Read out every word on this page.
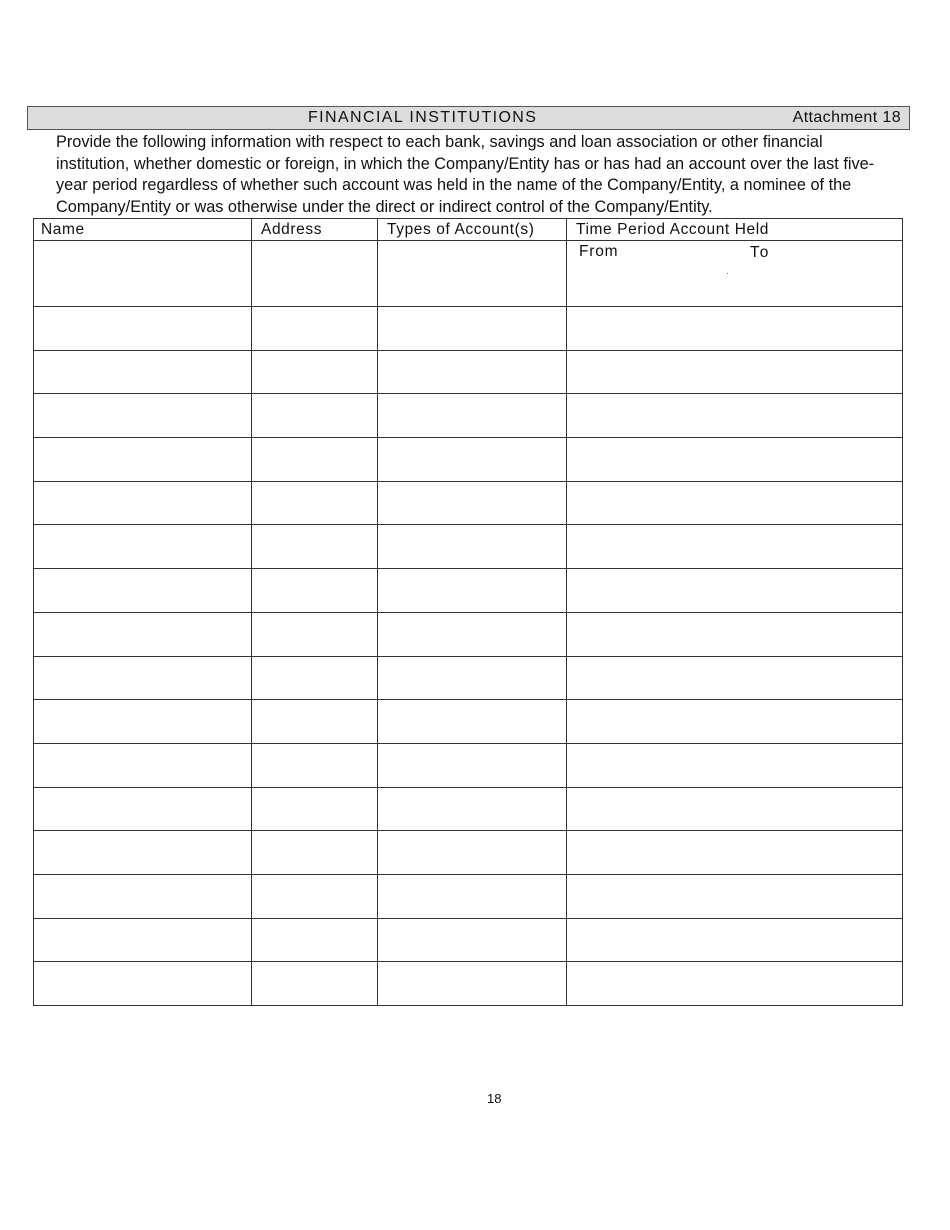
FINANCIAL INSTITUTIONS	Attachment 18

Provide the following information with respect to each bank, savings and loan association or other financial institution, whether domestic or foreign, in which the Company/Entity has or has had an account over the last five-year period regardless of whether such account was held in the name of the Company/Entity, a nominee of the Company/Entity or was otherwise under the direct or indirect control of the Company/Entity.

Name	Address	Types of Account(s)	Time Period Account Held

			From To

18
